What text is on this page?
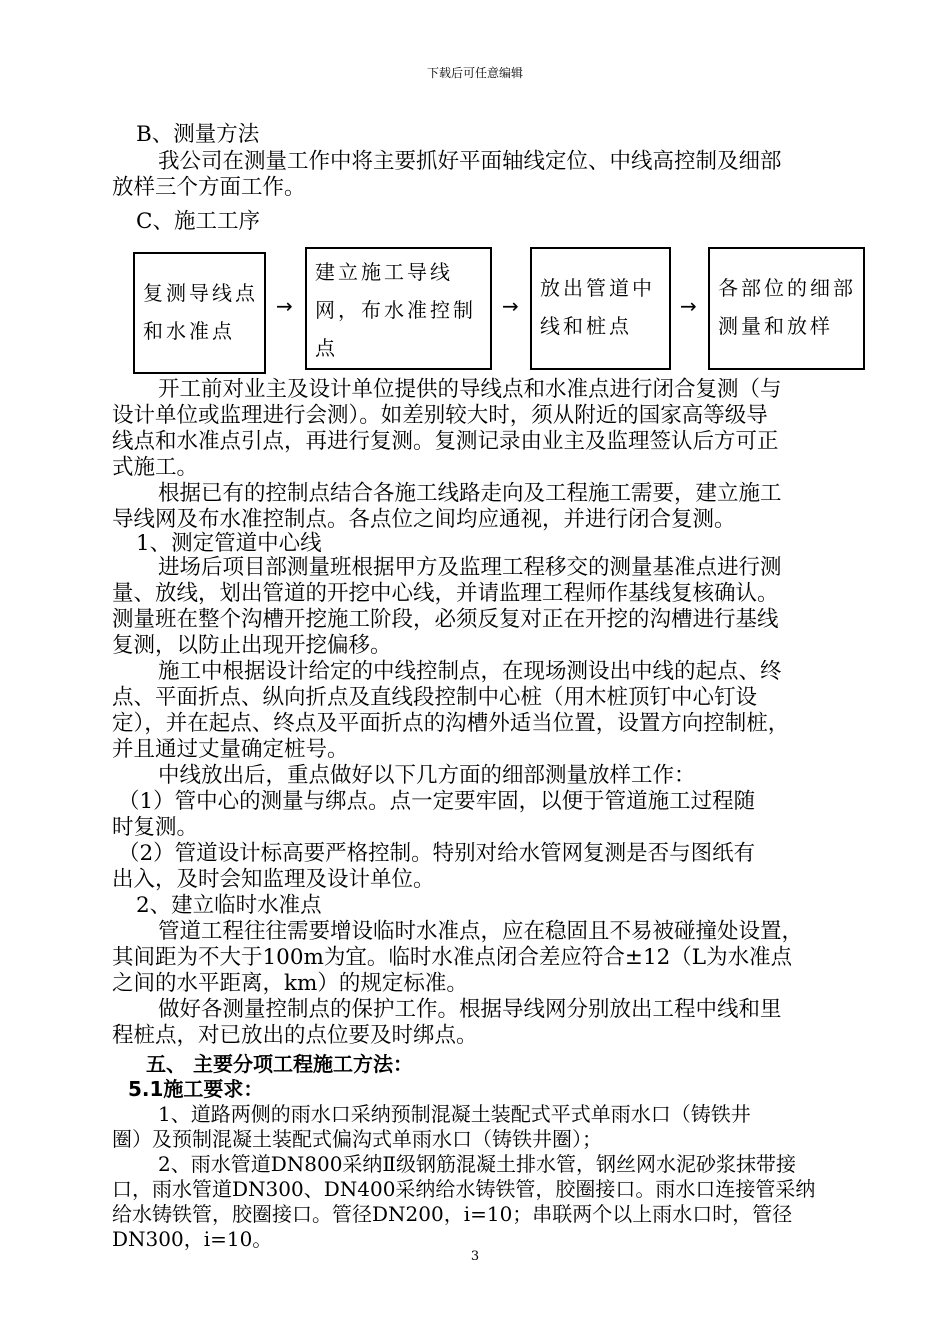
下载后可任意编辑
B、测量方法
我公司在测量工作中将主要抓好平面轴线定位、中线高控制及细部
放样三个方面工作。
C、施工工序
复测导线点
和水准点
→
建立施工导线
网，布水准控制
点
→
放出管道中
线和桩点
→
各部位的细部
测量和放样
开工前对业主及设计单位提供的导线点和水准点进行闭合复测（与
设计单位或监理进行会测）。如差别较大时，须从附近的国家高等级导
线点和水准点引点，再进行复测。复测记录由业主及监理签认后方可正
式施工。
根据已有的控制点结合各施工线路走向及工程施工需要，建立施工
导线网及布水准控制点。各点位之间均应通视，并进行闭合复测。
1、测定管道中心线
进场后项目部测量班根据甲方及监理工程移交的测量基准点进行测
量、放线，划出管道的开挖中心线，并请监理工程师作基线复核确认。
测量班在整个沟槽开挖施工阶段，必须反复对正在开挖的沟槽进行基线
复测，以防止出现开挖偏移。
施工中根据设计给定的中线控制点，在现场测设出中线的起点、终
点、平面折点、纵向折点及直线段控制中心桩（用木桩顶钉中心钉设
定），并在起点、终点及平面折点的沟槽外适当位置，设置方向控制桩，
并且通过丈量确定桩号。
中线放出后，重点做好以下几方面的细部测量放样工作：
（1）管中心的测量与绑点。点一定要牢固，以便于管道施工过程随
时复测。
（2）管道设计标高要严格控制。特别对给水管网复测是否与图纸有
出入，及时会知监理及设计单位。
2、建立临时水准点
管道工程往往需要增设临时水准点，应在稳固且不易被碰撞处设置，
其间距为不大于100m为宜。临时水准点闭合差应符合±12（L为水准点
之间的水平距离，km）的规定标准。
做好各测量控制点的保护工作。根据导线网分别放出工程中线和里
程桩点，对已放出的点位要及时绑点。
五、 主要分项工程施工方法：
5.1施工要求：
1、道路两侧的雨水口采纳预制混凝土装配式平式单雨水口（铸铁井
圈）及预制混凝土装配式偏沟式单雨水口（铸铁井圈）；
2、雨水管道DN800采纳Ⅱ级钢筋混凝土排水管，钢丝网水泥砂浆抹带接
口，雨水管道DN300、DN400采纳给水铸铁管，胶圈接口。雨水口连接管采纳
给水铸铁管，胶圈接口。管径DN200，i=10；串联两个以上雨水口时，管径
DN300，i=10。
3
